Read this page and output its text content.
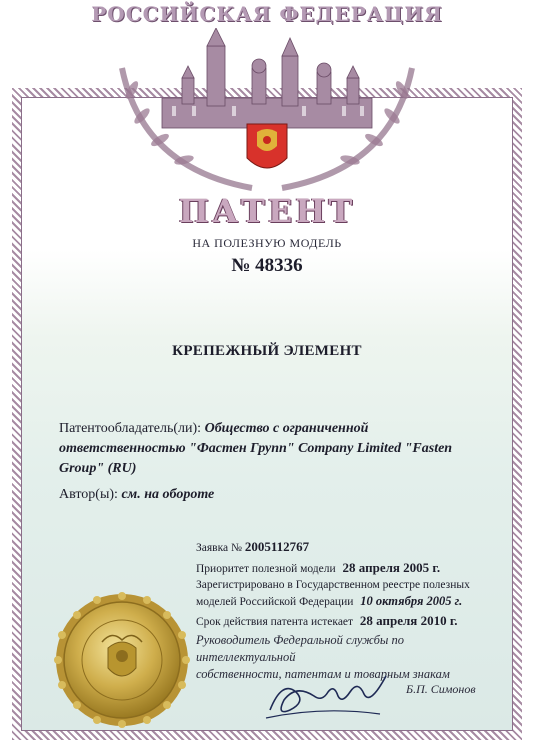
РОССИЙСКАЯ ФЕДЕРАЦИЯ
ПАТЕНТ
НА ПОЛЕЗНУЮ МОДЕЛЬ
№ 48336
КРЕПЕЖНЫЙ ЭЛЕМЕНТ
Патентообладатель(ли): Общество с ограниченной ответственностью "Фастен Групп" Company Limited "Fasten Group" (RU)
Автор(ы): см. на обороте
Заявка № 2005112767
Приоритет полезной модели 28 апреля 2005 г.
Зарегистрировано в Государственном реестре полезных
моделей Российской Федерации 10 октября 2005 г.
Срок действия патента истекает 28 апреля 2010 г.
Руководитель Федеральной службы по интеллектуальной
собственности, патентам и товарным знакам
Б.П. Симонов
